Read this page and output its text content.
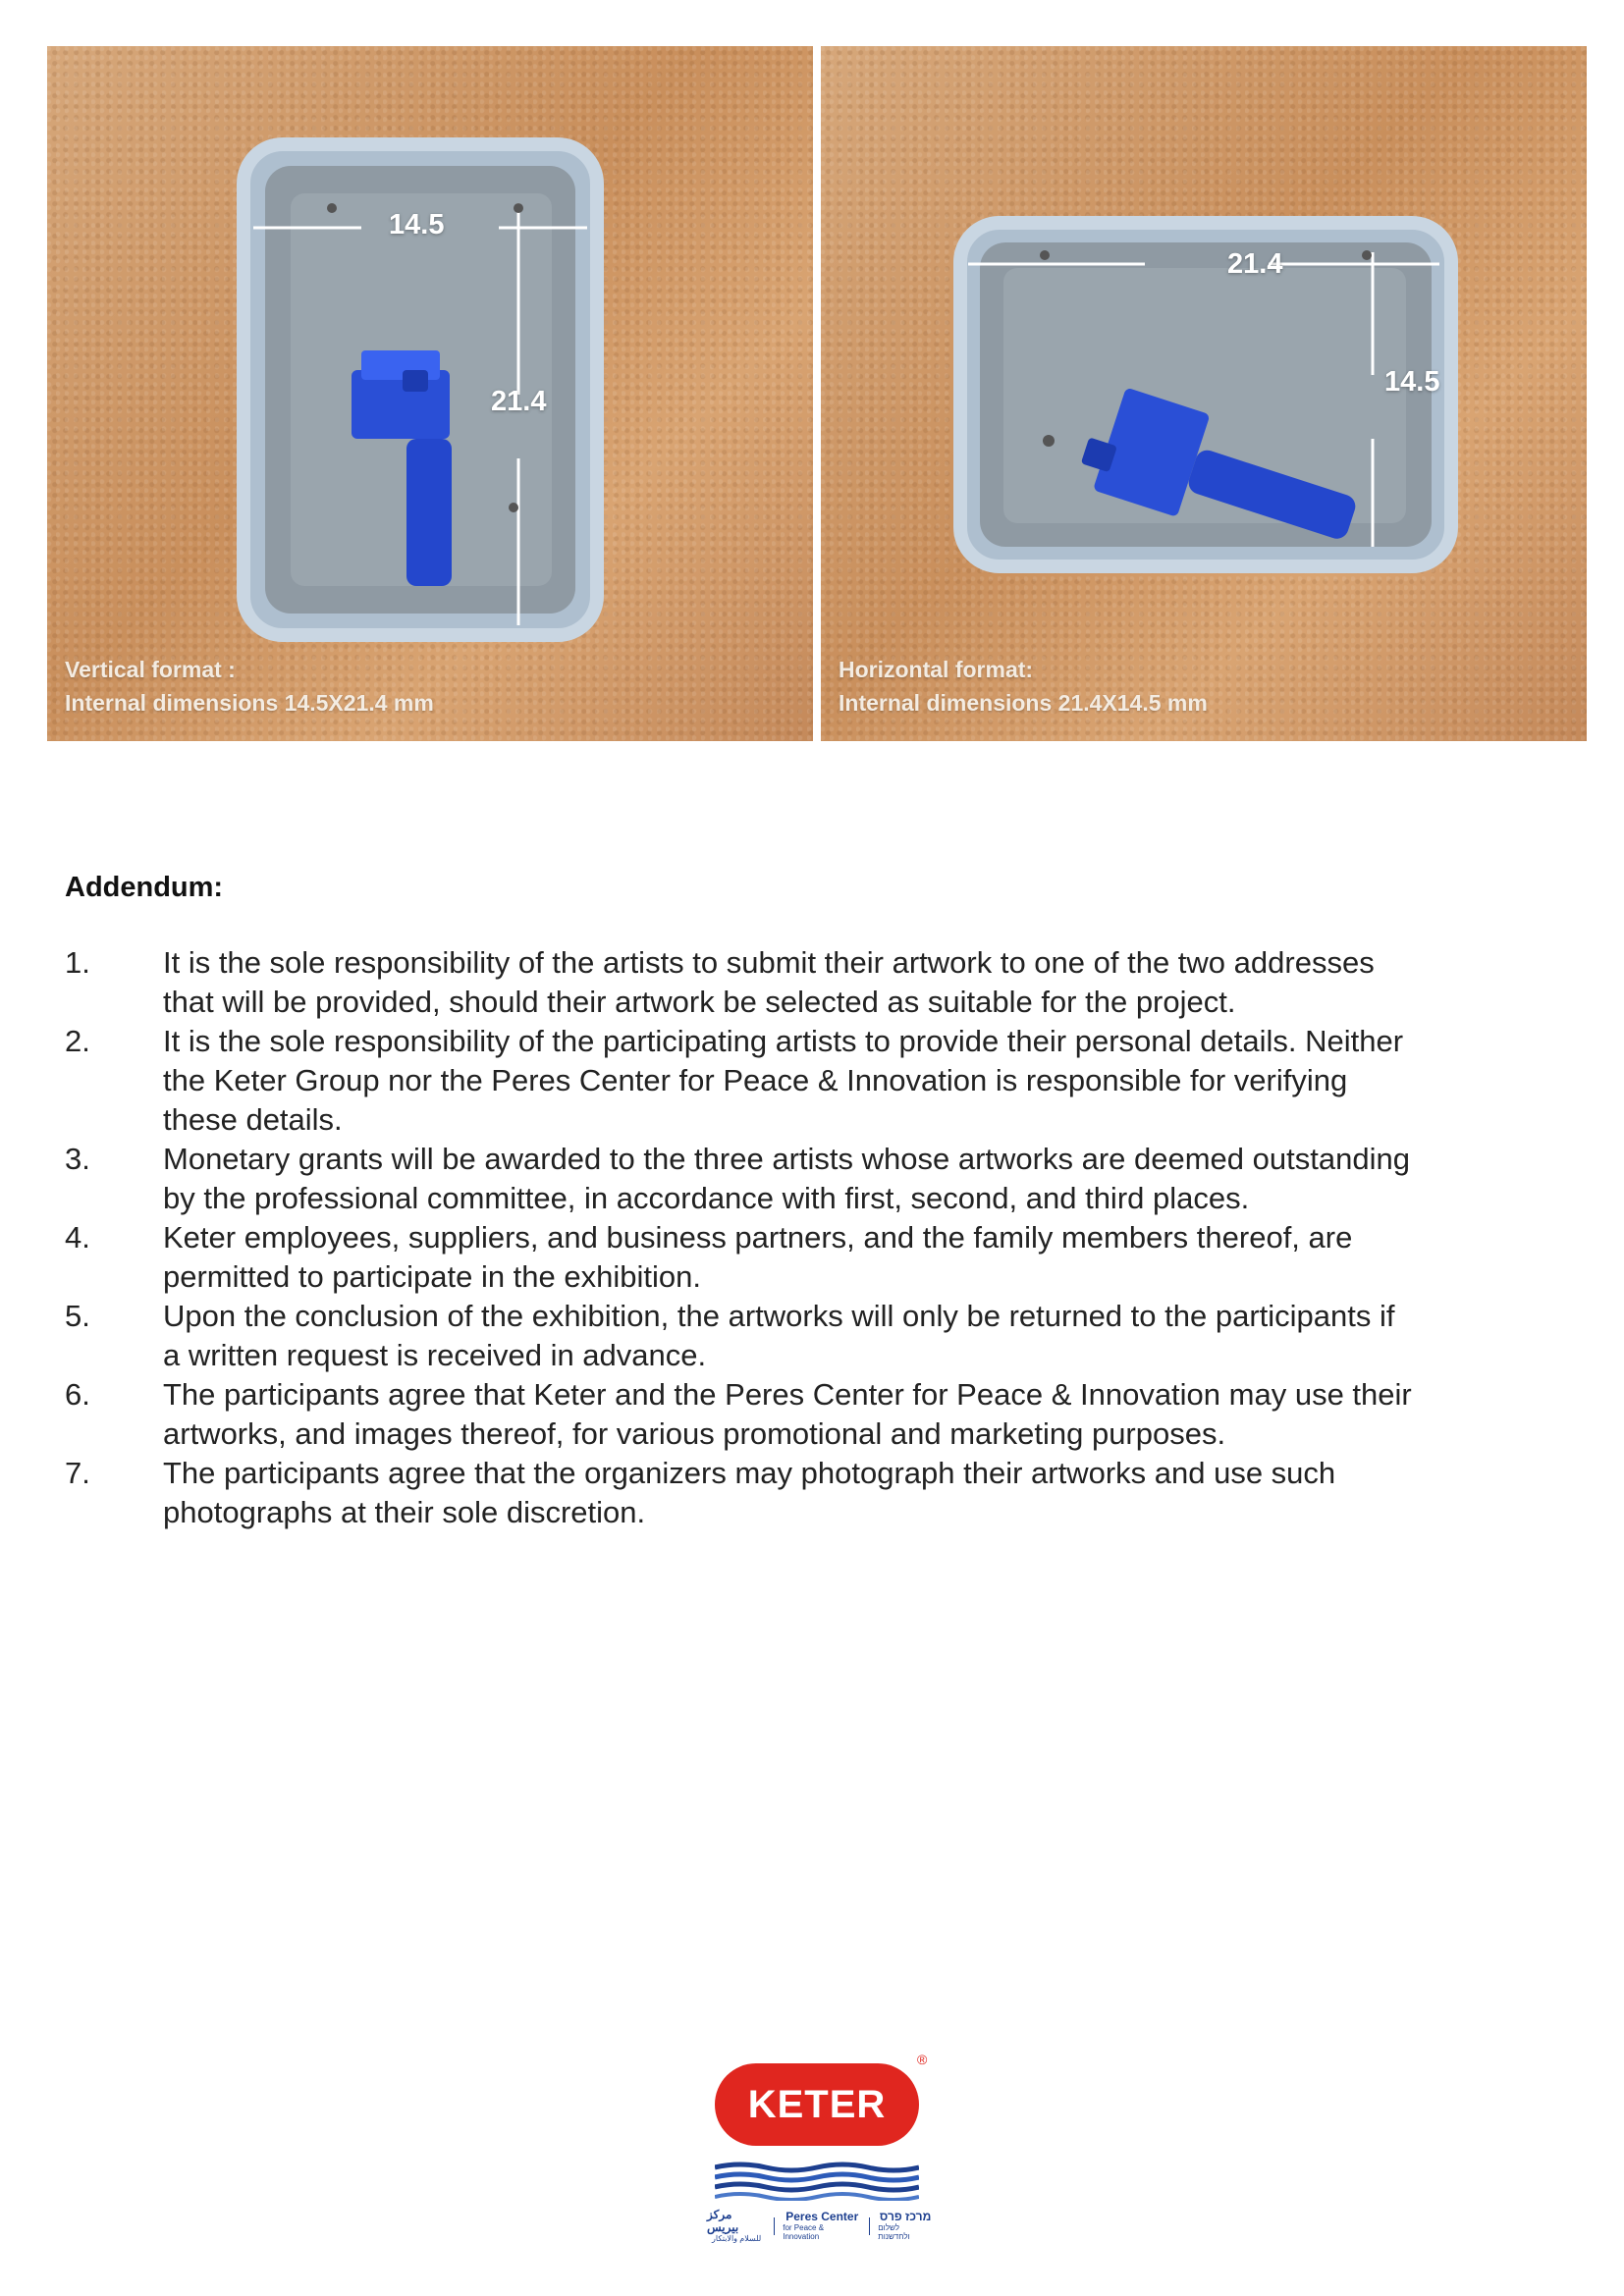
14.5
21.4
Vertical format :
Internal dimensions 14.5X21.4 mm
21.4
14.5
Horizontal format:
Internal dimensions 21.4X14.5 mm
Addendum:
1.	It is the sole responsibility of the artists to submit their artwork to one of the two addresses that will be provided, should their artwork be selected as suitable for the project.
2.	It is the sole responsibility of the participating artists to provide their personal details. Neither the Keter Group nor the Peres Center for Peace & Innovation is responsible for verifying these details.
3.	Monetary grants will be awarded to the three artists whose artworks are deemed outstanding by the professional committee, in accordance with first, second, and third places.
4.	Keter employees, suppliers, and business partners, and the family members thereof, are permitted to participate in the exhibition.
5.	Upon the conclusion of the exhibition, the artworks will only be returned to the participants if a written request is received in advance.
6.	The participants agree that Keter and the Peres Center for Peace & Innovation may use their artworks, and images thereof, for various promotional and marketing purposes.
7.	The participants agree that the organizers may photograph their artworks and use such photographs at their sole discretion.
KETER
®
مركز بيريس
للسلام والابتكار
Peres Center
for Peace & Innovation
מרכז פרס
לשלום ולחדשנות
